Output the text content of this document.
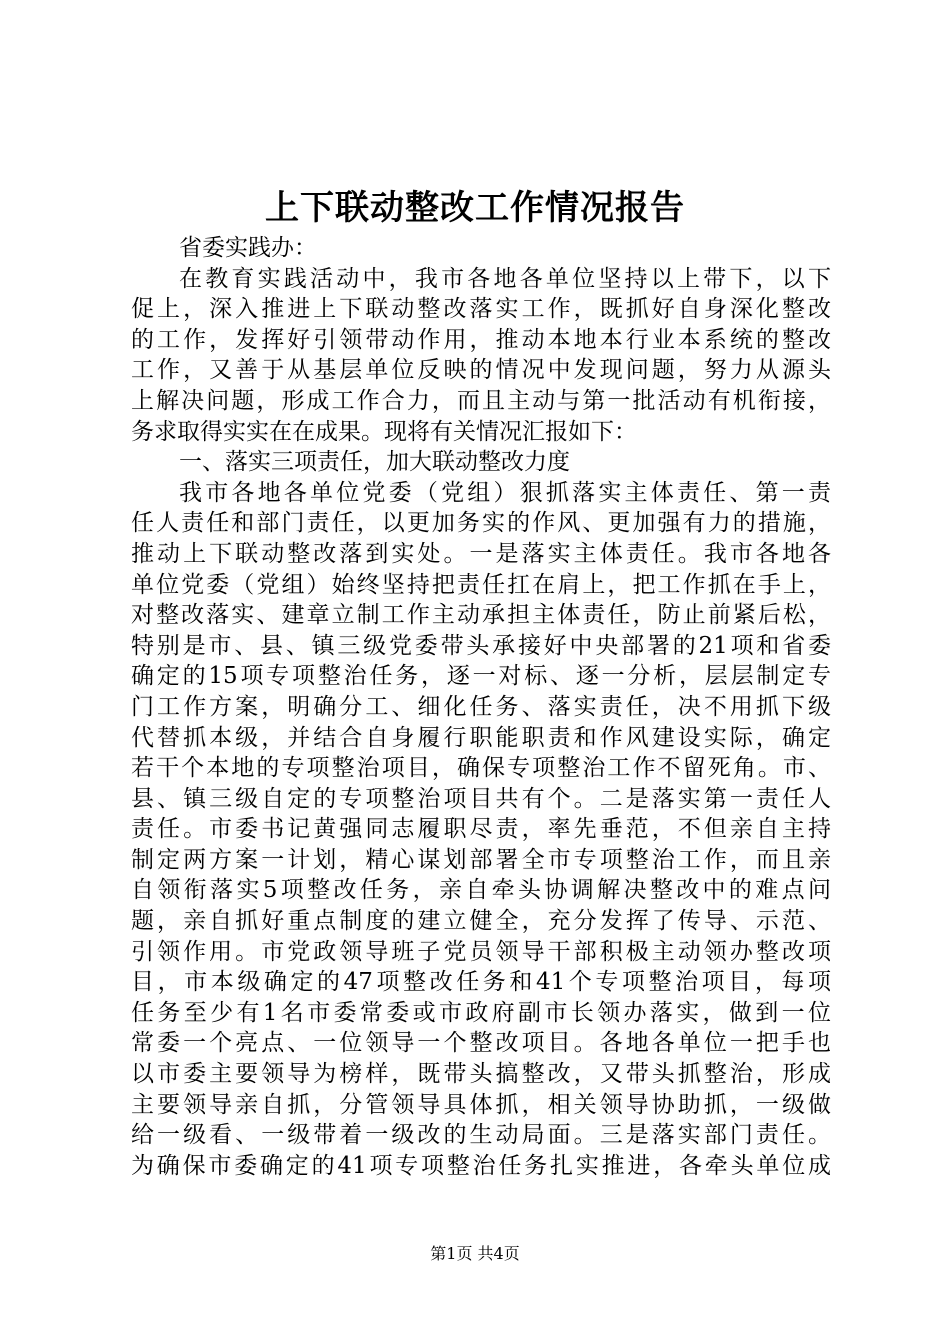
上下联动整改工作情况报告
省委实践办：
在教育实践活动中，我市各地各单位坚持以上带下，以下
促上，深入推进上下联动整改落实工作，既抓好自身深化整改
的工作，发挥好引领带动作用，推动本地本行业本系统的整改
工作，又善于从基层单位反映的情况中发现问题，努力从源头
上解决问题，形成工作合力，而且主动与第一批活动有机衔接，
务求取得实实在在成果。现将有关情况汇报如下：
一、落实三项责任，加大联动整改力度
我市各地各单位党委（党组）狠抓落实主体责任、第一责
任人责任和部门责任，以更加务实的作风、更加强有力的措施，
推动上下联动整改落到实处。一是落实主体责任。我市各地各
单位党委（党组）始终坚持把责任扛在肩上，把工作抓在手上，
对整改落实、建章立制工作主动承担主体责任，防止前紧后松，
特别是市、县、镇三级党委带头承接好中央部署的21项和省委
确定的15项专项整治任务，逐一对标、逐一分析，层层制定专
门工作方案，明确分工、细化任务、落实责任，决不用抓下级
代替抓本级，并结合自身履行职能职责和作风建设实际，确定
若干个本地的专项整治项目，确保专项整治工作不留死角。市、
县、镇三级自定的专项整治项目共有个。二是落实第一责任人
责任。市委书记黄强同志履职尽责，率先垂范，不但亲自主持
制定两方案一计划，精心谋划部署全市专项整治工作，而且亲
自领衔落实5项整改任务，亲自牵头协调解决整改中的难点问
题，亲自抓好重点制度的建立健全，充分发挥了传导、示范、
引领作用。市党政领导班子党员领导干部积极主动领办整改项
目，市本级确定的47项整改任务和41个专项整治项目，每项
任务至少有1名市委常委或市政府副市长领办落实，做到一位
常委一个亮点、一位领导一个整改项目。各地各单位一把手也
以市委主要领导为榜样，既带头搞整改，又带头抓整治，形成
主要领导亲自抓，分管领导具体抓，相关领导协助抓，一级做
给一级看、一级带着一级改的生动局面。三是落实部门责任。
为确保市委确定的41项专项整治任务扎实推进，各牵头单位成
第1页 共4页
